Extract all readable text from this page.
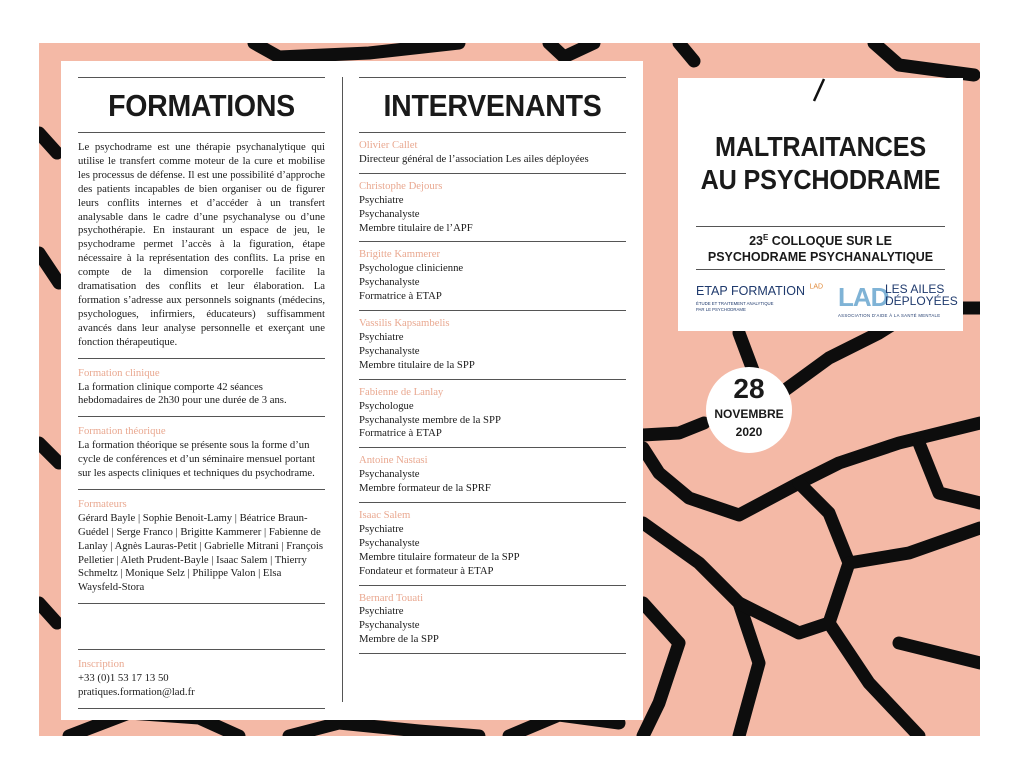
FORMATIONS
Le psychodrame est une thérapie psychanalytique qui utilise le transfert comme moteur de la cure et mobilise les processus de défense. Il est une possibilité d’approche des patients incapables de bien organiser ou de figurer leurs conflits internes et d’accéder à un transfert analysable dans le cadre d’une psychanalyse ou d’une psychothérapie. En instaurant un espace de jeu, le psychodrame permet l’accès à la figuration, étape nécessaire à la représentation des conflits. La prise en compte de la dimension corporelle facilite la dramatisation des conflits et leur élaboration. La formation s’adresse aux personnels soignants (médecins, psychologues, infirmiers, éducateurs) suffisamment avancés dans leur analyse personnelle et exerçant une fonction thérapeutique.
Formation clinique
La formation clinique comporte 42 séances hebdomadaires de 2h30 pour une durée de 3 ans.
Formation théorique
La formation théorique se présente sous la forme d’un cycle de conférences et d’un séminaire mensuel portant sur les aspects cliniques et techniques du psychodrame.
Formateurs
Gérard Bayle | Sophie Benoit-Lamy | Béatrice Braun-Guédel | Serge Franco | Brigitte Kammerer | Fabienne de Lanlay | Agnès Lauras-Petit | Gabrielle Mitrani | François Pelletier | Aleth Prudent-Bayle | Isaac Salem | Thierry Schmeltz | Monique Selz | Philippe Valon | Elsa Waysfeld-Stora
Inscription
+33 (0)1 53 17 13 50
pratiques.formation@lad.fr
INTERVENANTS
Olivier Callet
Directeur général de l’association Les ailes déployées
Christophe Dejours
Psychiatre
Psychanalyste
Membre titulaire de l’APF
Brigitte Kammerer
Psychologue clinicienne
Psychanalyste
Formatrice à ETAP
Vassilis Kapsambelis
Psychiatre
Psychanalyste
Membre titulaire de la SPP
Fabienne de Lanlay
Psychologue
Psychanalyste membre de la SPP
Formatrice à ETAP
Antoine Nastasi
Psychanalyste
Membre formateur de la SPRF
Isaac Salem
Psychiatre
Psychanalyste
Membre titulaire formateur de la SPP
Fondateur et formateur à ETAP
Bernard Touati
Psychiatre
Psychanalyste
Membre de la SPP
MALTRAITANCES
AU PSYCHODRAME
$23^E$ COLLOQUE SUR LE
PSYCHODRAME PSYCHANALYTIQUE
ETAP FORMATION $^{LAD}$
ÉTUDE ET TRAITEMENT ANALYTIQUE
PAR LE PSYCHODRAME	LAD
LES AILES
DÉPLOYÉES
ASSOCIATION D’AIDE À LA SANTÉ MENTALE
28
NOVEMBRE
2020
